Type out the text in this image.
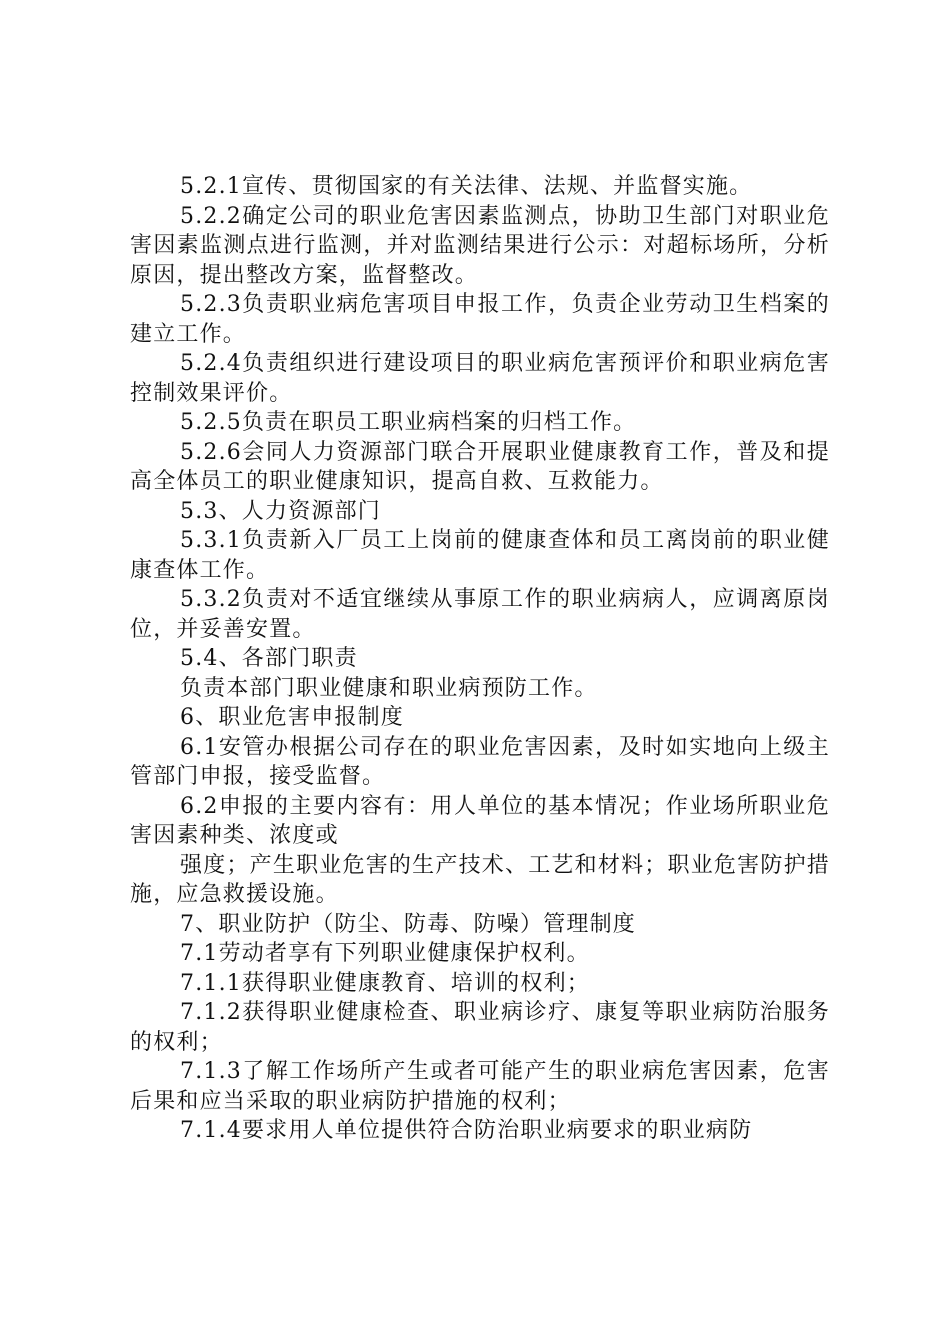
5.2.1宣传、贯彻国家的有关法律、法规、并监督实施。

5.2.2确定公司的职业危害因素监测点，协助卫生部门对职业危害因素监测点进行监测，并对监测结果进行公示：对超标场所，分析原因，提出整改方案，监督整改。

5.2.3负责职业病危害项目申报工作，负责企业劳动卫生档案的建立工作。

5.2.4负责组织进行建设项目的职业病危害预评价和职业病危害控制效果评价。

5.2.5负责在职员工职业病档案的归档工作。

5.2.6会同人力资源部门联合开展职业健康教育工作，普及和提高全体员工的职业健康知识，提高自救、互救能力。

5.3、人力资源部门

5.3.1负责新入厂员工上岗前的健康查体和员工离岗前的职业健康查体工作。

5.3.2负责对不适宜继续从事原工作的职业病病人，应调离原岗位，并妥善安置。

5.4、各部门职责

负责本部门职业健康和职业病预防工作。

6、职业危害申报制度

6.1安管办根据公司存在的职业危害因素，及时如实地向上级主管部门申报，接受监督。

6.2申报的主要内容有：用人单位的基本情况；作业场所职业危害因素种类、浓度或

强度；产生职业危害的生产技术、工艺和材料；职业危害防护措施，应急救援设施。

7、职业防护（防尘、防毒、防噪）管理制度

7.1劳动者享有下列职业健康保护权利。

7.1.1获得职业健康教育、培训的权利；

7.1.2获得职业健康检查、职业病诊疗、康复等职业病防治服务的权利；

7.1.3了解工作场所产生或者可能产生的职业病危害因素，危害后果和应当采取的职业病防护措施的权利；

7.1.4要求用人单位提供符合防治职业病要求的职业病防
